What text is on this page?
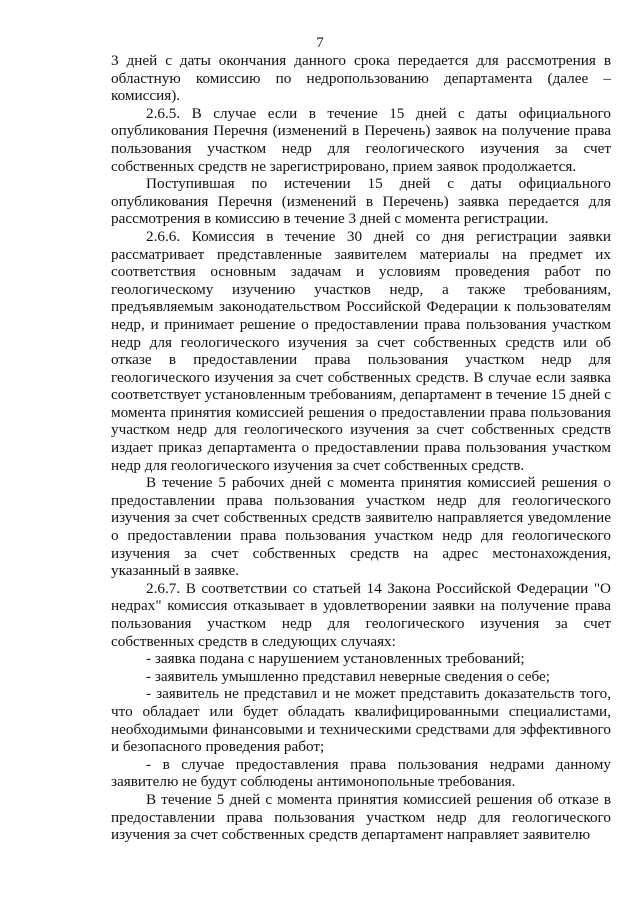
7

3 дней с даты окончания данного срока передается для рассмотрения в областную комиссию по недропользованию департамента (далее – комиссия).

2.6.5. В случае если в течение 15 дней с даты официального опубликования Перечня (изменений в Перечень) заявок на получение права пользования участком недр для геологического изучения за счет собственных средств не зарегистрировано, прием заявок продолжается.

Поступившая по истечении 15 дней с даты официального опубликования Перечня (изменений в Перечень) заявка передается для рассмотрения в комиссию в течение 3 дней с момента регистрации.

2.6.6. Комиссия в течение 30 дней со дня регистрации заявки рассматривает представленные заявителем материалы на предмет их соответствия основным задачам и условиям проведения работ по геологическому изучению участков недр, а также требованиям, предъявляемым законодательством Российской Федерации к пользователям недр, и принимает решение о предоставлении права пользования участком недр для геологического изучения за счет собственных средств или об отказе в предоставлении права пользования участком недр для геологического изучения за счет собственных средств. В случае если заявка соответствует установленным требованиям, департамент в течение 15 дней с момента принятия комиссией решения о предоставлении права пользования участком недр для геологического изучения за счет собственных средств издает приказ департамента о предоставлении права пользования участком недр для геологического изучения за счет собственных средств.

В течение 5 рабочих дней с момента принятия комиссией решения о предоставлении права пользования участком недр для геологического изучения за счет собственных средств заявителю направляется уведомление о предоставлении права пользования участком недр для геологического изучения за счет собственных средств на адрес местонахождения, указанный в заявке.

2.6.7. В соответствии со статьей 14 Закона Российской Федерации "О недрах" комиссия отказывает в удовлетворении заявки на получение права пользования участком недр для геологического изучения за счет собственных средств в следующих случаях:

- заявка подана с нарушением установленных требований;

- заявитель умышленно представил неверные сведения о себе;

- заявитель не представил и не может представить доказательств того, что обладает или будет обладать квалифицированными специалистами, необходимыми финансовыми и техническими средствами для эффективного и безопасного проведения работ;

- в случае предоставления права пользования недрами данному заявителю не будут соблюдены антимонопольные требования.

В течение 5 дней с момента принятия комиссией решения об отказе в предоставлении права пользования участком недр для геологического изучения за счет собственных средств департамент направляет заявителю
